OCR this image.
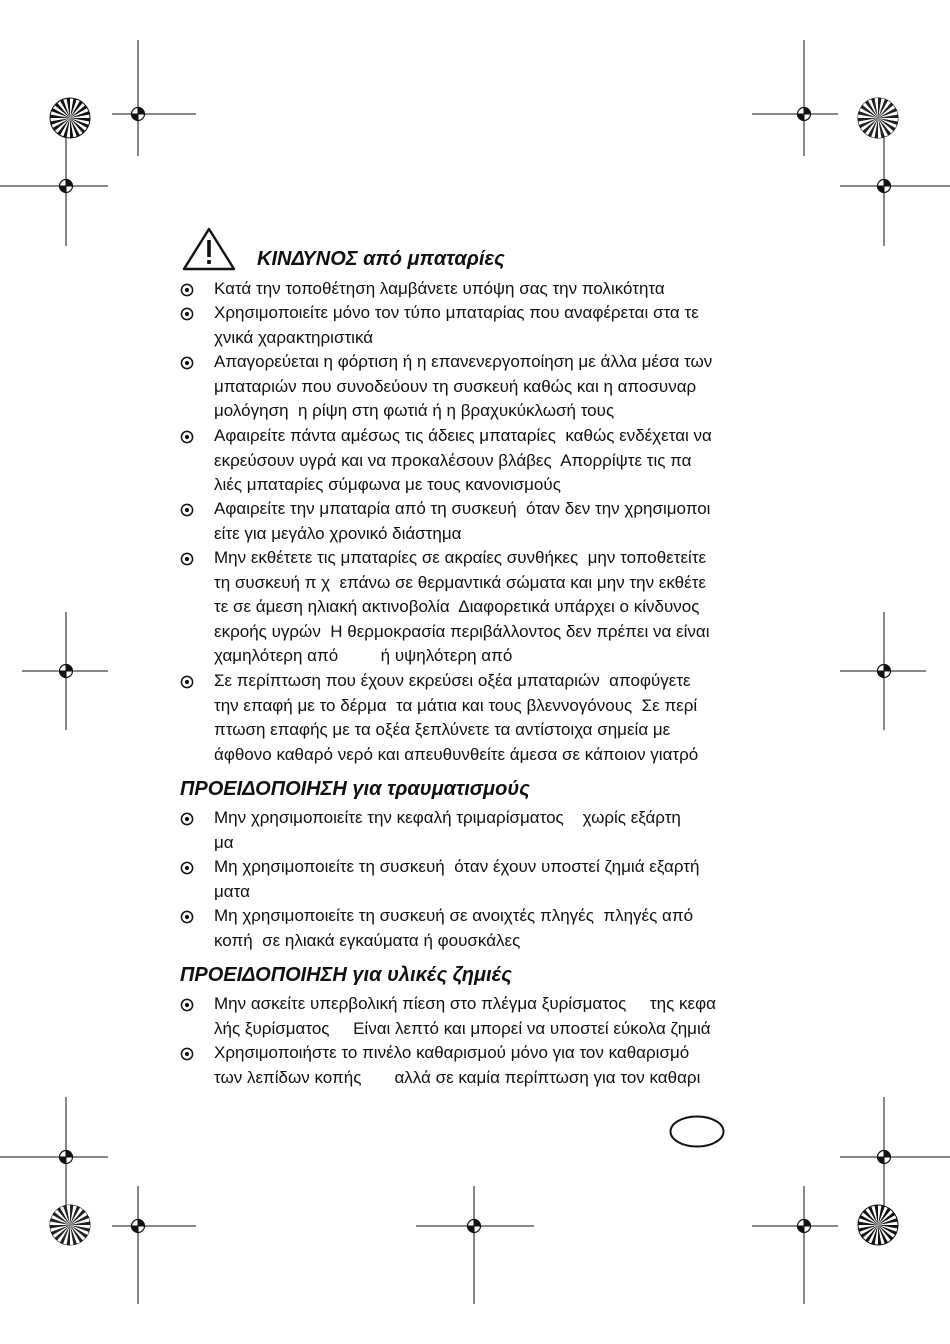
ΚΙΝΔΥΝΟΣ από μπαταρίες
ΠΡΟΕΙΔΟΠΟΙΗΣΗ για τραυματισμούς
ΠΡΟΕΙΔΟΠΟΙΗΣΗ για υλικές ζημιές
Κατά την τοποθέτηση λαμβάνετε υπόψη σας την πολικότητα
Χρησιμοποιείτε μόνο τον τύπο μπαταρίας που αναφέρεται στα τε
χνικά χαρακτηριστικά
Απαγορεύεται η φόρτιση ή η επανενεργοποίηση με άλλα μέσα των
μπαταριών που συνοδεύουν τη συσκευή καθώς και η αποσυναρ
μολόγηση  η ρίψη στη φωτιά ή η βραχυκύκλωσή τους
Αφαιρείτε πάντα αμέσως τις άδειες μπαταρίες  καθώς ενδέχεται να
εκρεύσουν υγρά και να προκαλέσουν βλάβες  Απορρίψτε τις πα
λιές μπαταρίες σύμφωνα με τους κανονισμούς
Αφαιρείτε την μπαταρία από τη συσκευή  όταν δεν την χρησιμοποι
είτε για μεγάλο χρονικό διάστημα
Μην εκθέτετε τις μπαταρίες σε ακραίες συνθήκες  μην τοποθετείτε
τη συσκευή π χ  επάνω σε θερμαντικά σώματα και μην την εκθέτε
τε σε άμεση ηλιακή ακτινοβολία  Διαφορετικά υπάρχει ο κίνδυνος
εκροής υγρών  Η θερμοκρασία περιβάλλοντος δεν πρέπει να είναι
χαμηλότερη από         ή υψηλότερη από
Σε περίπτωση που έχουν εκρεύσει οξέα μπαταριών  αποφύγετε
την επαφή με το δέρμα  τα μάτια και τους βλεννογόνους  Σε περί
πτωση επαφής με τα οξέα ξεπλύνετε τα αντίστοιχα σημεία με
άφθονο καθαρό νερό και απευθυνθείτε άμεσα σε κάποιον γιατρό
Μην χρησιμοποιείτε την κεφαλή τριμαρίσματος    χωρίς εξάρτη
μα
Μη χρησιμοποιείτε τη συσκευή  όταν έχουν υποστεί ζημιά εξαρτή
ματα
Μη χρησιμοποιείτε τη συσκευή σε ανοιχτές πληγές  πληγές από
κοπή  σε ηλιακά εγκαύματα ή φουσκάλες
Μην ασκείτε υπερβολική πίεση στο πλέγμα ξυρίσματος     της κεφα
λής ξυρίσματος     Είναι λεπτό και μπορεί να υποστεί εύκολα ζημιά
Χρησιμοποιήστε το πινέλο καθαρισμού μόνο για τον καθαρισμό
των λεπίδων κοπής       αλλά σε καμία περίπτωση για τον καθαρι
